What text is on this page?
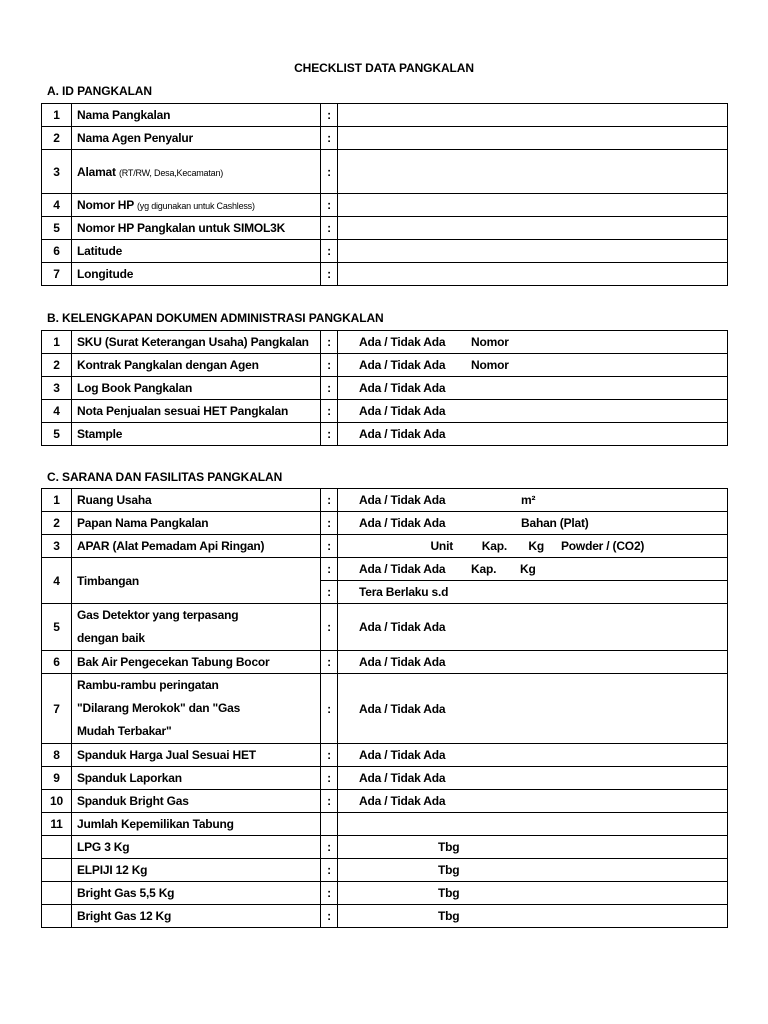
CHECKLIST DATA PANGKALAN
A. ID PANGKALAN
1	Nama Pangkalan	:	
2	Nama Agen Penyalur	:	
3	Alamat (RT/RW, Desa,Kecamatan)	:	
4	Nomor HP (yg digunakan untuk Cashless)	:	
5	Nomor HP Pangkalan untuk SIMOL3K	:	
6	Latitude	:	
7	Longitude	:	
B. KELENGKAPAN DOKUMEN ADMINISTRASI PANGKALAN
1	SKU (Surat Keterangan Usaha) Pangkalan	:	Ada / Tidak Ada Nomor
2	Kontrak Pangkalan dengan Agen	:	Ada / Tidak Ada Nomor
3	Log Book Pangkalan	:	Ada / Tidak Ada
4	Nota Penjualan sesuai HET Pangkalan	:	Ada / Tidak Ada
5	Stample	:	Ada / Tidak Ada
C. SARANA DAN FASILITAS PANGKALAN
1	Ruang Usaha	:	Ada / Tidak Ada m²
2	Papan Nama Pangkalan	:	Ada / Tidak Ada Bahan (Plat)
3	APAR (Alat Pemadam Api Ringan)	:	Unit Kap. Kg Powder / (CO2)
4	Timbangan	:	Ada / Tidak Ada Kap. Kg
		:	Tera Berlaku s.d
5	Gas Detektor yang terpasang dengan baik	:	Ada / Tidak Ada
6	Bak Air Pengecekan Tabung Bocor	:	Ada / Tidak Ada
7	Rambu-rambu peringatan "Dilarang Merokok" dan "Gas Mudah Terbakar"	:	Ada / Tidak Ada
8	Spanduk Harga Jual Sesuai HET	:	Ada / Tidak Ada
9	Spanduk Laporkan	:	Ada / Tidak Ada
10	Spanduk Bright Gas	:	Ada / Tidak Ada
11	Jumlah Kepemilikan Tabung		
	LPG 3 Kg	:	Tbg
	ELPIJI 12 Kg	:	Tbg
	Bright Gas 5,5 Kg	:	Tbg
	Bright Gas 12 Kg	:	Tbg
